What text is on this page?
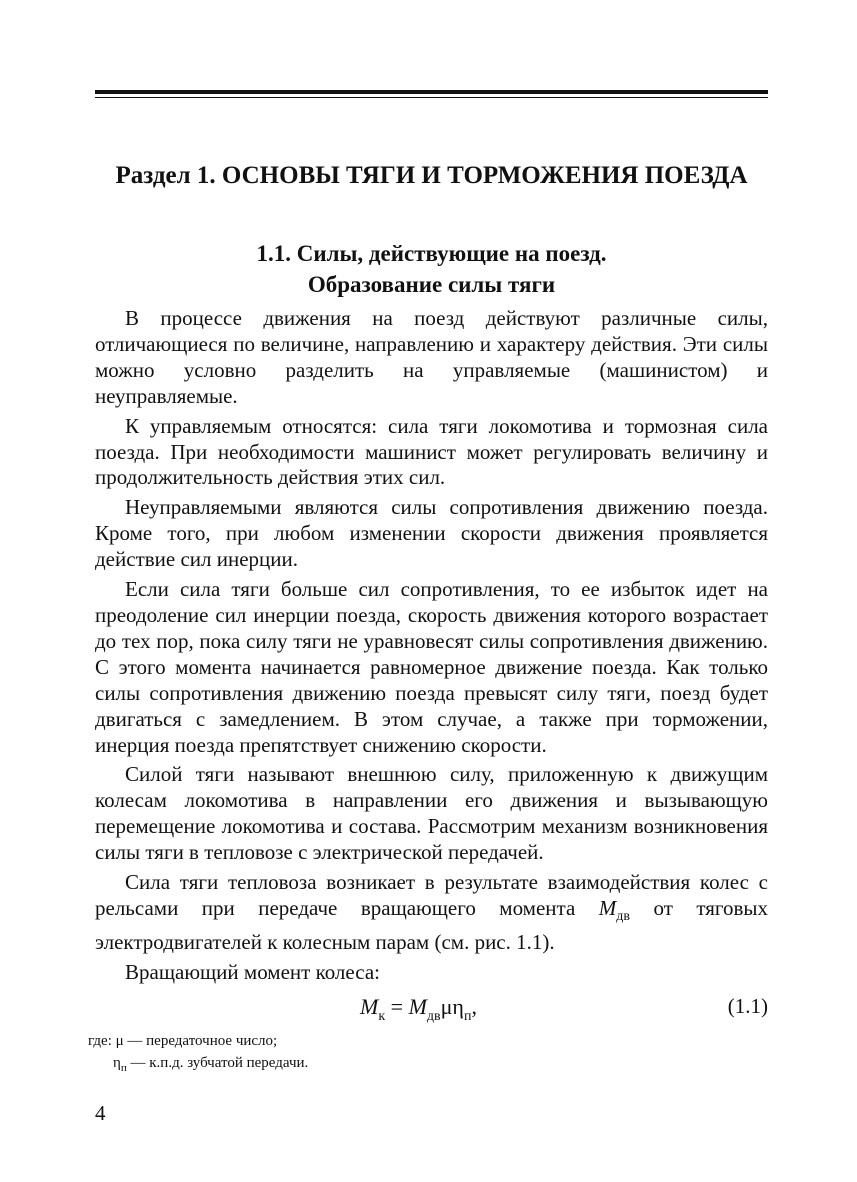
Раздел 1. ОСНОВЫ ТЯГИ И ТОРМОЖЕНИЯ ПОЕЗДА
1.1. Силы, действующие на поезд.
Образование силы тяги

В процессе движения на поезд действуют различные силы, отличающиеся по величине, направлению и характеру действия. Эти силы можно условно разделить на управляемые (машинистом) и неуправляемые.

К управляемым относятся: сила тяги локомотива и тормозная сила поезда. При необходимости машинист может регулировать величину и продолжительность действия этих сил.

Неуправляемыми являются силы сопротивления движению поезда. Кроме того, при любом изменении скорости движения проявляется действие сил инерции.

Если сила тяги больше сил сопротивления, то ее избыток идет на преодоление сил инерции поезда, скорость движения которого возрастает до тех пор, пока силу тяги не уравновесят силы сопротивления движению. С этого момента начинается равномерное движение поезда. Как только силы сопротивления движению поезда превысят силу тяги, поезд будет двигаться с замедлением. В этом случае, а также при торможении, инерция поезда препятствует снижению скорости.

Силой тяги называют внешнюю силу, приложенную к движущим колесам локомотива в направлении его движения и вызывающую перемещение локомотива и состава. Рассмотрим механизм возникновения силы тяги в тепловозе с электрической передачей.

Сила тяги тепловоза возникает в результате взаимодействия колес с рельсами при передаче вращающего момента $M_{дв}$ от тяговых электродвигателей к колесным парам (см. рис. 1.1).

Вращающий момент колеса:

$M_к = M_{дв}\mu\eta_п$,	(1.1)
где: μ — передаточное число;
$\eta_п$ — к.п.д. зубчатой передачи.
4
